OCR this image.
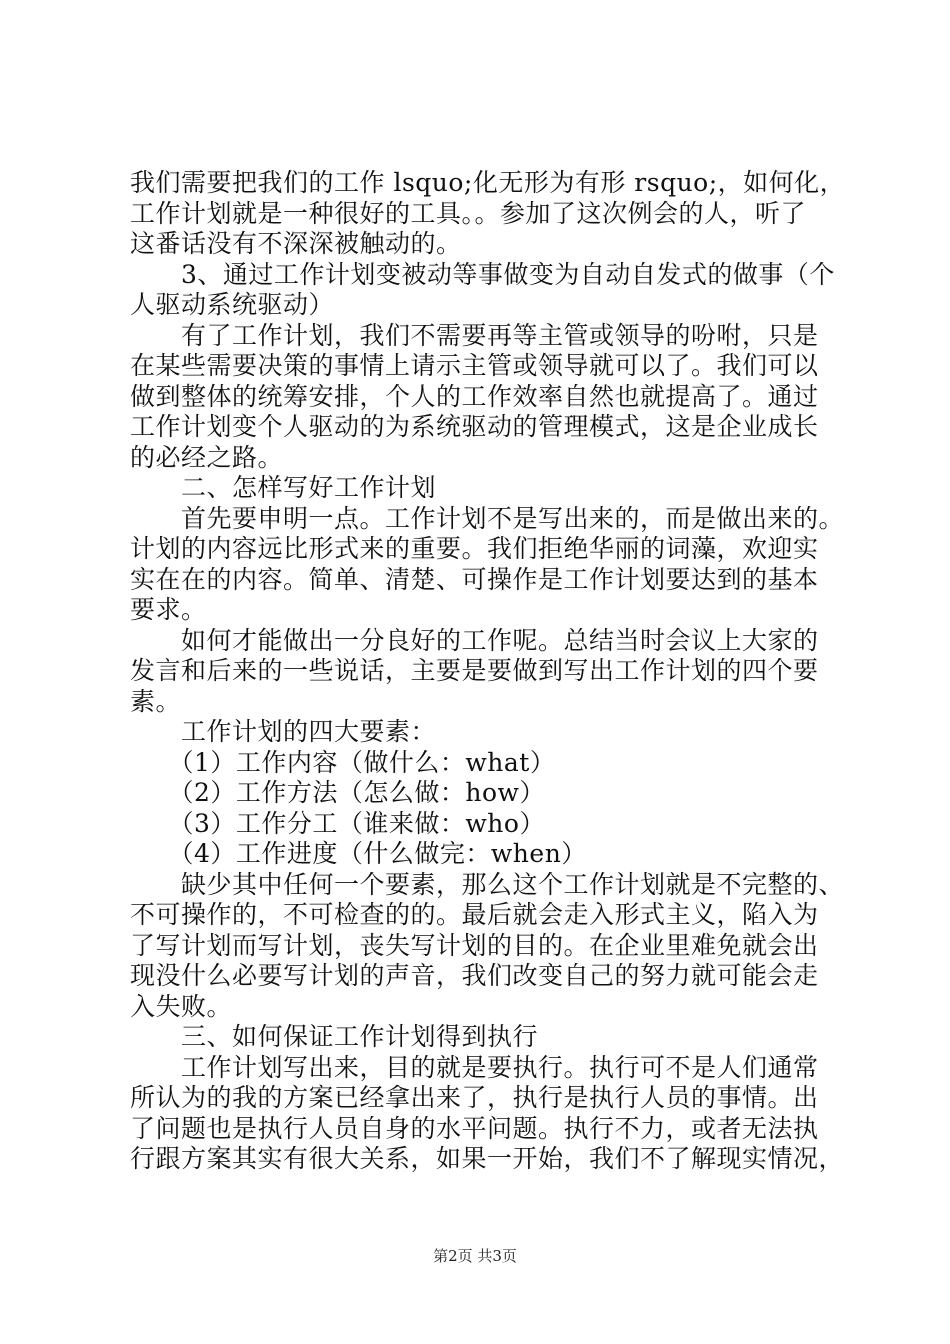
我们需要把我们的工作 lsquo;化无形为有形 rsquo;，如何化，
工作计划就是一种很好的工具。。参加了这次例会的人，听了
这番话没有不深深被触动的。
　　3、通过工作计划变被动等事做变为自动自发式的做事（个
人驱动系统驱动）
　　有了工作计划，我们不需要再等主管或领导的吩咐，只是
在某些需要决策的事情上请示主管或领导就可以了。我们可以
做到整体的统筹安排，个人的工作效率自然也就提高了。通过
工作计划变个人驱动的为系统驱动的管理模式，这是企业成长
的必经之路。
　　二、怎样写好工作计划
　　首先要申明一点。工作计划不是写出来的，而是做出来的。
计划的内容远比形式来的重要。我们拒绝华丽的词藻，欢迎实
实在在的内容。简单、清楚、可操作是工作计划要达到的基本
要求。
　　如何才能做出一分良好的工作呢。总结当时会议上大家的
发言和后来的一些说话，主要是要做到写出工作计划的四个要
素。
　　工作计划的四大要素：
　　（1）工作内容（做什么：what）
　　（2）工作方法（怎么做：how）
　　（3）工作分工（谁来做：who）
　　（4）工作进度（什么做完：when）
　　缺少其中任何一个要素，那么这个工作计划就是不完整的、
不可操作的，不可检查的的。最后就会走入形式主义，陷入为
了写计划而写计划，丧失写计划的目的。在企业里难免就会出
现没什么必要写计划的声音，我们改变自己的努力就可能会走
入失败。
　　三、如何保证工作计划得到执行
　　工作计划写出来，目的就是要执行。执行可不是人们通常
所认为的我的方案已经拿出来了，执行是执行人员的事情。出
了问题也是执行人员自身的水平问题。执行不力，或者无法执
行跟方案其实有很大关系，如果一开始，我们不了解现实情况，
第2页 共3页
